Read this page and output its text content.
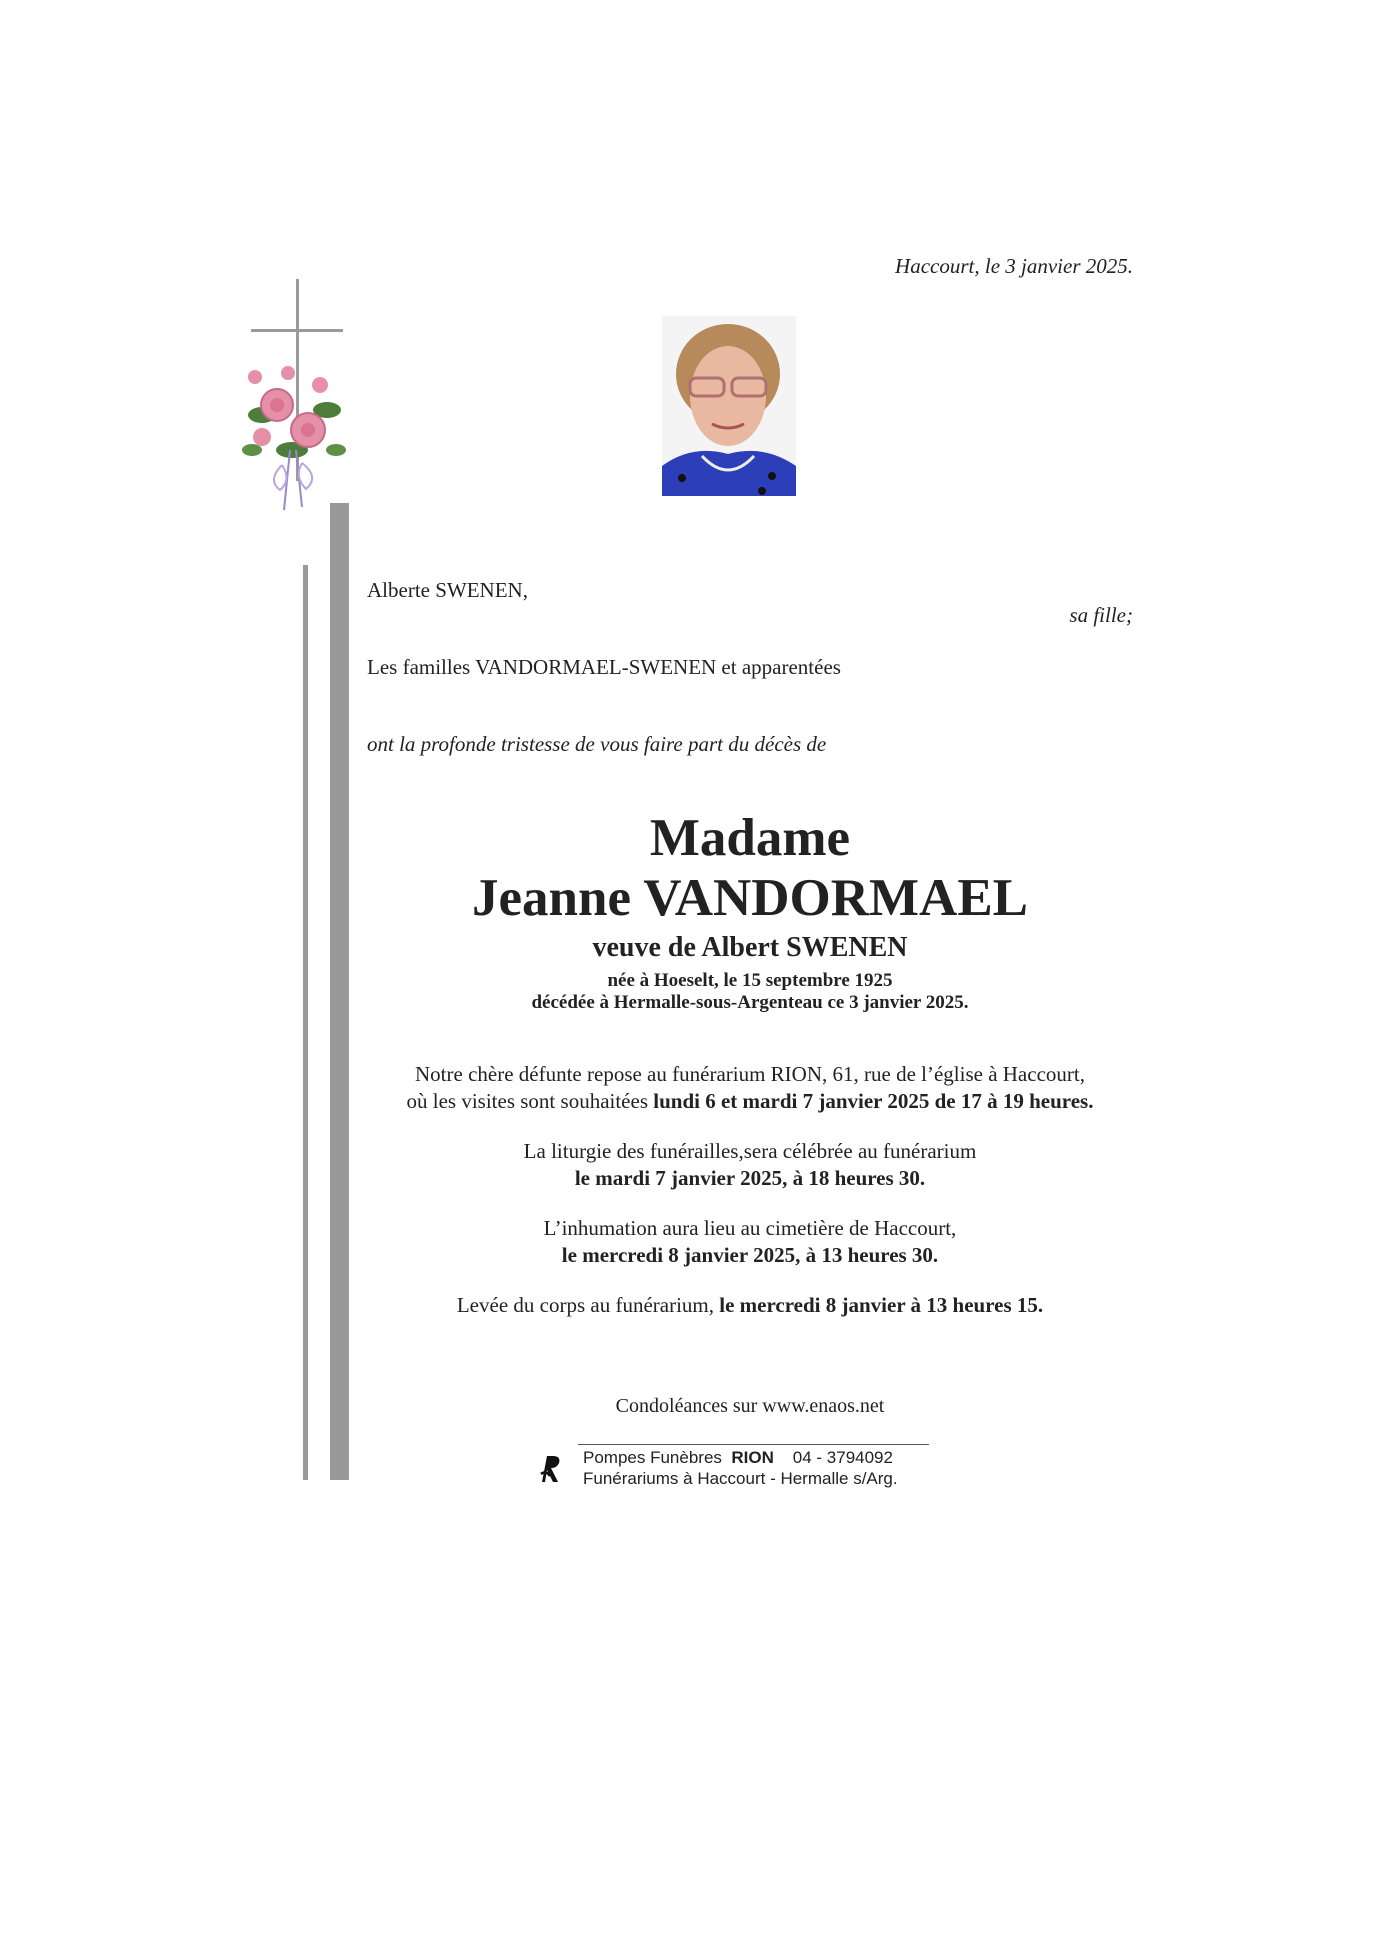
Haccourt, le 3 janvier 2025.
Alberte SWENEN,
sa fille;
Les familles VANDORMAEL-SWENEN et apparentées
ont la profonde tristesse de vous faire part du décès de
Madame
Jeanne VANDORMAEL
veuve de Albert SWENEN
née à Hoeselt, le 15 septembre 1925
décédée à Hermalle-sous-Argenteau ce 3 janvier 2025.
Notre chère défunte repose au funérarium RION, 61, rue de l’église à Haccourt,
où les visites sont souhaitées lundi 6 et mardi 7 janvier 2025 de 17 à 19 heures.
La liturgie des funérailles,sera célébrée au funérarium
le mardi 7 janvier 2025, à 18 heures 30.
L’inhumation aura lieu au cimetière de Haccourt,
le mercredi 8 janvier 2025, à 13 heures 30.
Levée du corps au funérarium, le mercredi 8 janvier à 13 heures 15.
Condoléances sur www.enaos.net
Pompes Funèbres RION 04 - 3794092
Funérariums à Haccourt - Hermalle s/Arg.
